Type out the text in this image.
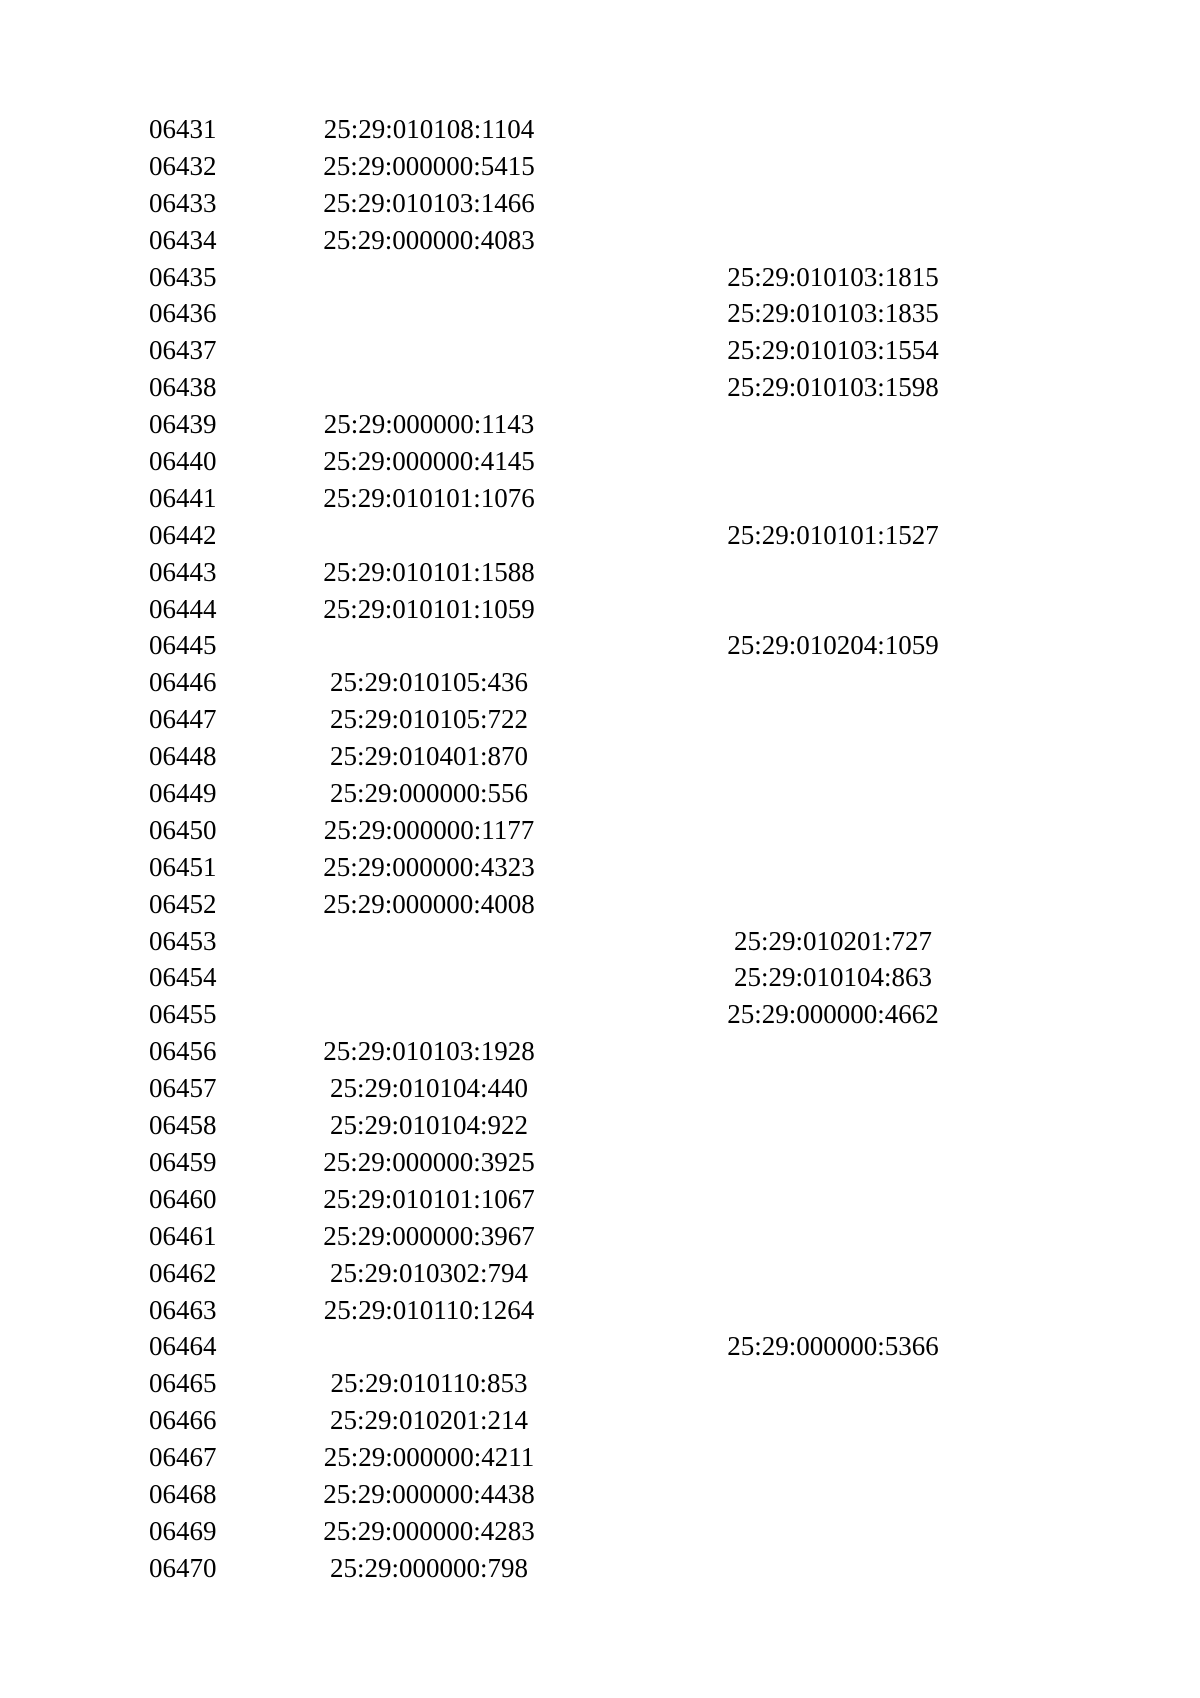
06431	25:29:010108:1104
06432	25:29:000000:5415
06433	25:29:010103:1466
06434	25:29:000000:4083
06435	25:29:010103:1815
06436	25:29:010103:1835
06437	25:29:010103:1554
06438	25:29:010103:1598
06439	25:29:000000:1143
06440	25:29:000000:4145
06441	25:29:010101:1076
06442	25:29:010101:1527
06443	25:29:010101:1588
06444	25:29:010101:1059
06445	25:29:010204:1059
06446	25:29:010105:436
06447	25:29:010105:722
06448	25:29:010401:870
06449	25:29:000000:556
06450	25:29:000000:1177
06451	25:29:000000:4323
06452	25:29:000000:4008
06453	25:29:010201:727
06454	25:29:010104:863
06455	25:29:000000:4662
06456	25:29:010103:1928
06457	25:29:010104:440
06458	25:29:010104:922
06459	25:29:000000:3925
06460	25:29:010101:1067
06461	25:29:000000:3967
06462	25:29:010302:794
06463	25:29:010110:1264
06464	25:29:000000:5366
06465	25:29:010110:853
06466	25:29:010201:214
06467	25:29:000000:4211
06468	25:29:000000:4438
06469	25:29:000000:4283
06470	25:29:000000:798
